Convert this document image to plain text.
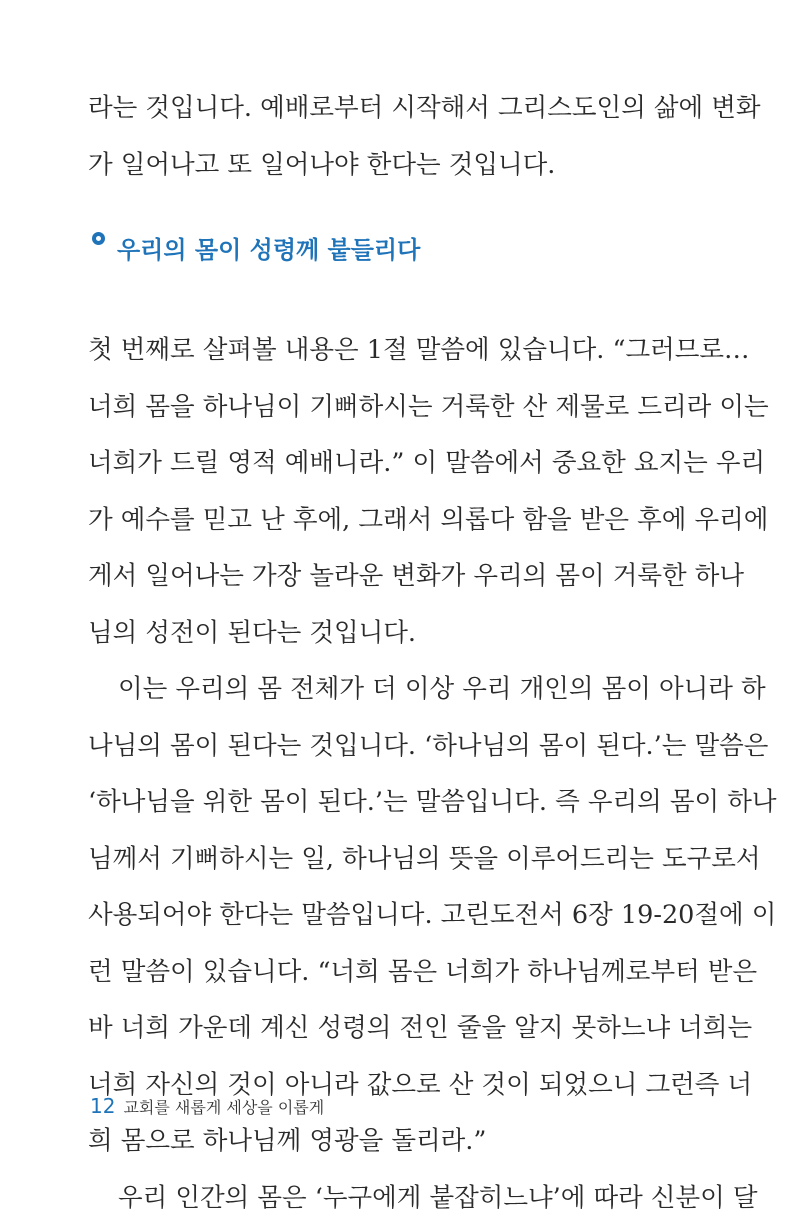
라는 것입니다. 예배로부터 시작해서 그리스도인의 삶에 변화
가 일어나고 또 일어나야 한다는 것입니다.
우리의 몸이 성령께 붙들리다
첫 번째로 살펴볼 내용은 1절 말씀에 있습니다. “그러므로…
너희 몸을 하나님이 기뻐하시는 거룩한 산 제물로 드리라 이는
너희가 드릴 영적 예배니라.” 이 말씀에서 중요한 요지는 우리
가 예수를 믿고 난 후에, 그래서 의롭다 함을 받은 후에 우리에
게서 일어나는 가장 놀라운 변화가 우리의 몸이 거룩한 하나
님의 성전이 된다는 것입니다.
이는 우리의 몸 전체가 더 이상 우리 개인의 몸이 아니라 하
나님의 몸이 된다는 것입니다. ‘하나님의 몸이 된다.’는 말씀은
‘하나님을 위한 몸이 된다.’는 말씀입니다. 즉 우리의 몸이 하나
님께서 기뻐하시는 일, 하나님의 뜻을 이루어드리는 도구로서
사용되어야 한다는 말씀입니다. 고린도전서 6장 19-20절에 이
런 말씀이 있습니다. “너희 몸은 너희가 하나님께로부터 받은
바 너희 가운데 계신 성령의 전인 줄을 알지 못하느냐 너희는
너희 자신의 것이 아니라 값으로 산 것이 되었으니 그런즉 너
희 몸으로 하나님께 영광을 돌리라.”
우리 인간의 몸은 ‘누구에게 붙잡히느냐’에 따라 신분이 달
12 교회를 새롭게 세상을 이롭게
